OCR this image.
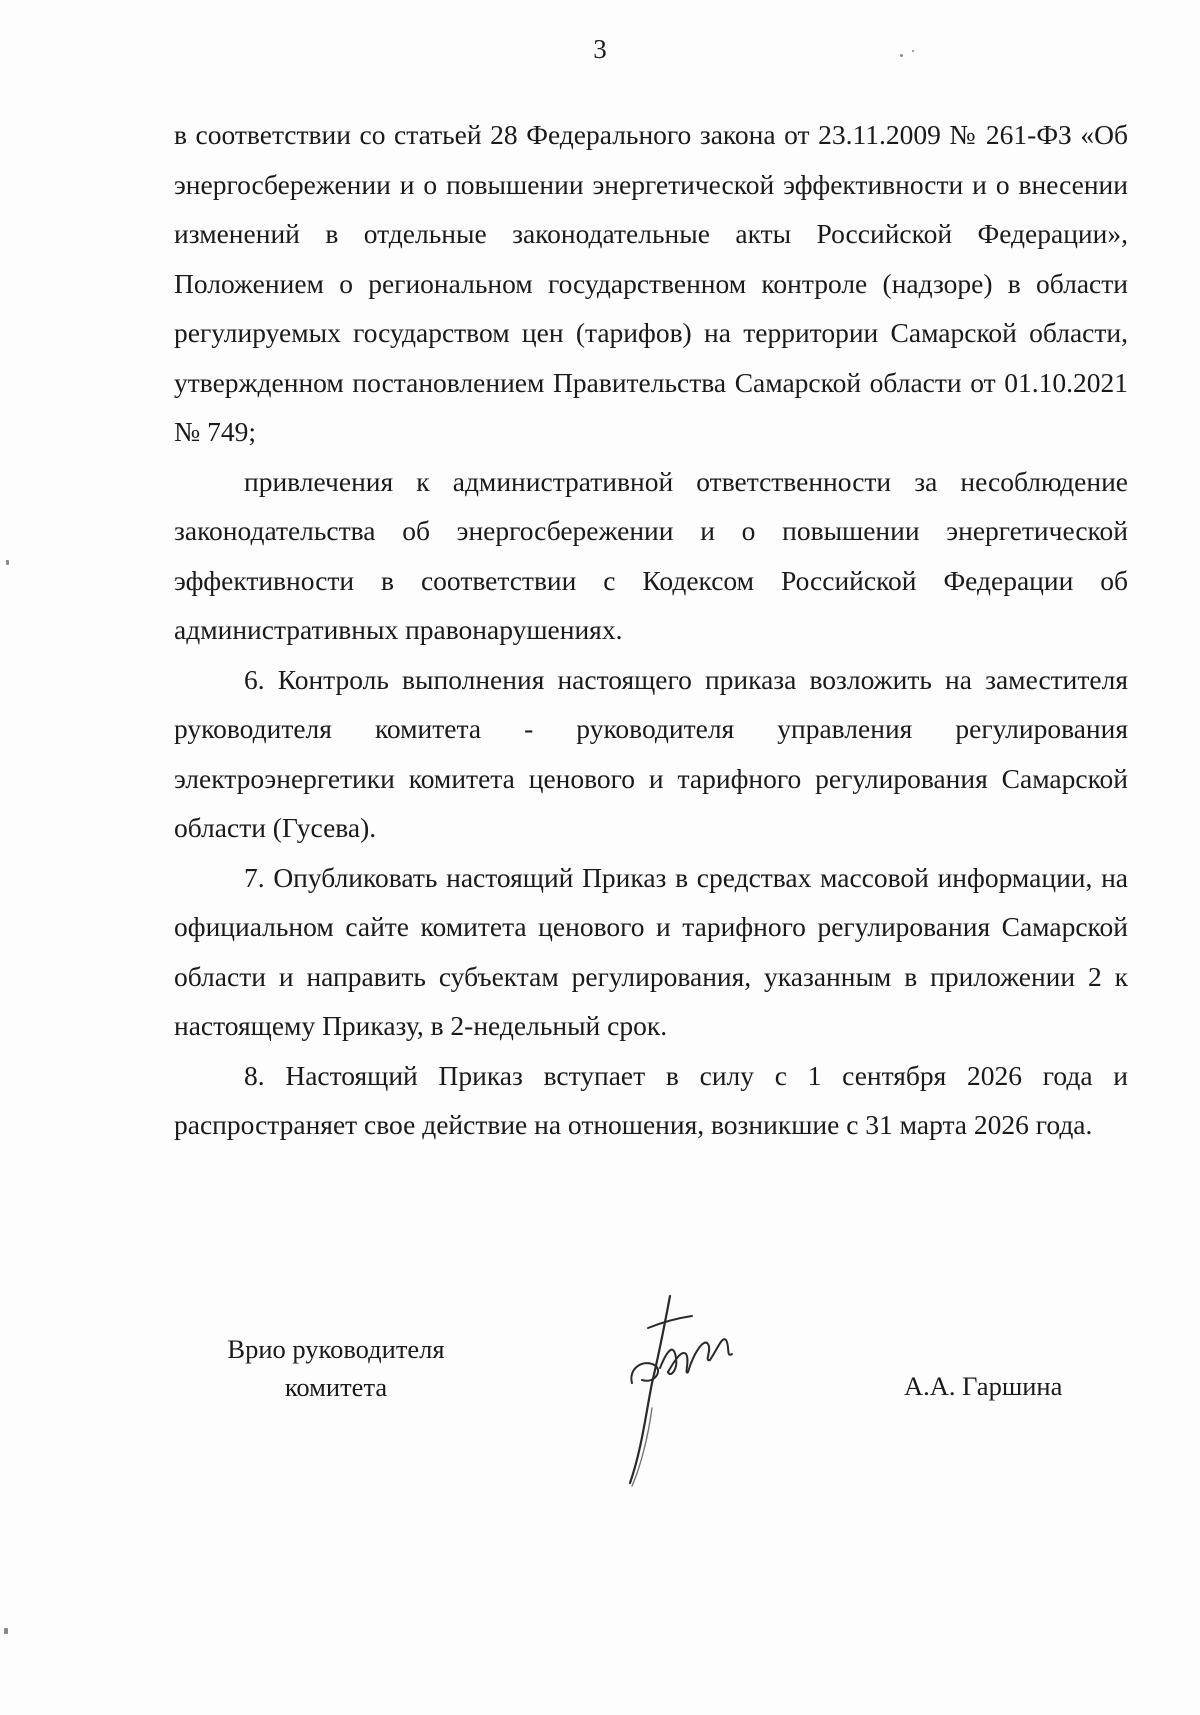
3

в соответствии со статьей 28 Федерального закона от 23.11.2009 № 261-ФЗ «Об энергосбережении и о повышении энергетической эффективности и о внесении изменений в отдельные законодательные акты Российской Федерации», Положением о региональном государственном контроле (надзоре) в области регулируемых государством цен (тарифов) на территории Самарской области, утвержденном постановлением Правительства Самарской области от 01.10.2021 № 749;

привлечения к административной ответственности за несоблюдение законодательства об энергосбережении и о повышении энергетической эффективности в соответствии с Кодексом Российской Федерации об административных правонарушениях.

6. Контроль выполнения настоящего приказа возложить на заместителя руководителя комитета - руководителя управления регулирования электроэнергетики комитета ценового и тарифного регулирования Самарской области (Гусева).

7. Опубликовать настоящий Приказ в средствах массовой информации, на официальном сайте комитета ценового и тарифного регулирования Самарской области и направить субъектам регулирования, указанным в приложении 2 к настоящему Приказу, в 2-недельный срок.

8. Настоящий Приказ вступает в силу с 1 сентября 2026 года и распространяет свое действие на отношения, возникшие с 31 марта 2026 года.

Врио руководителя
комитета	А.А. Гаршина
